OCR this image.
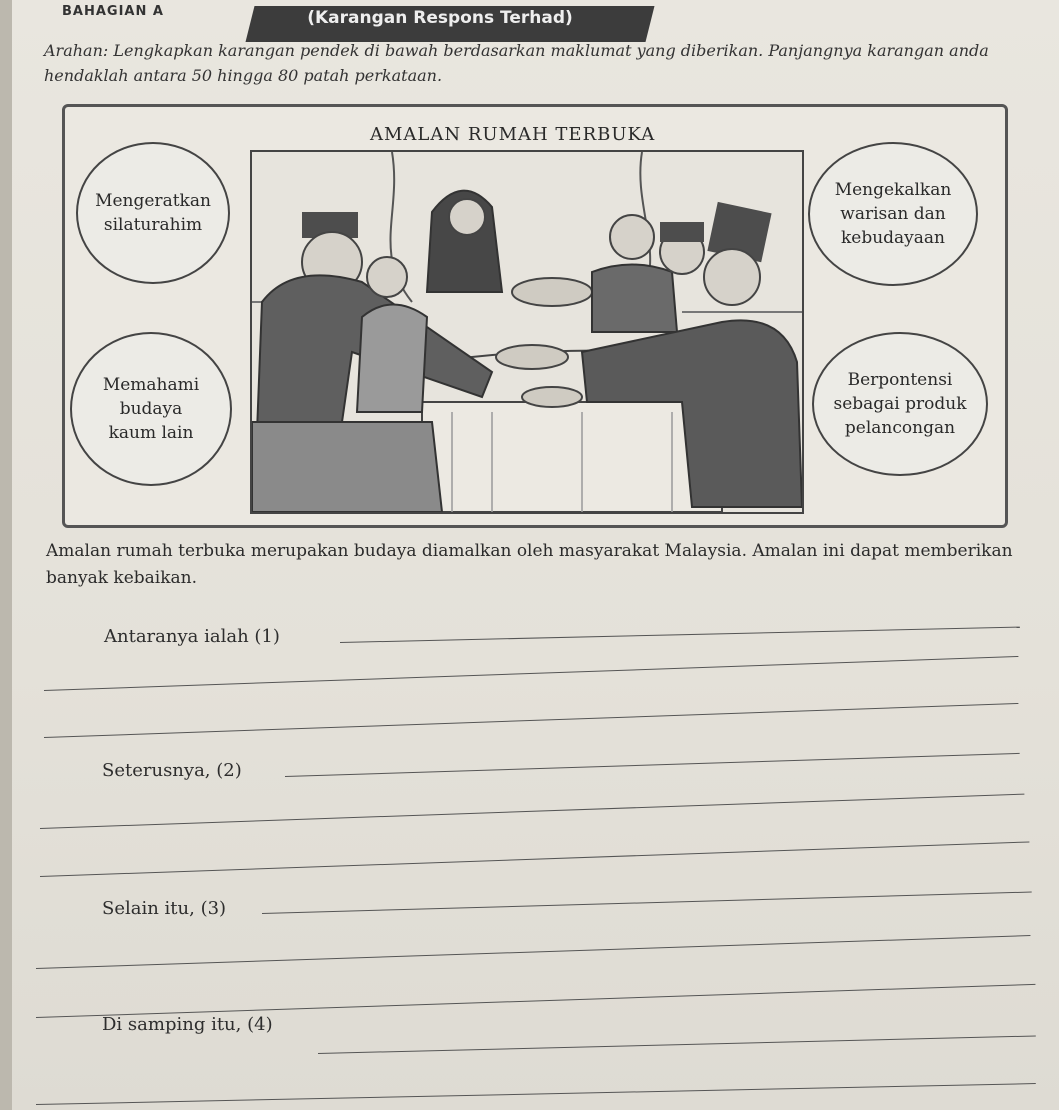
BAHAGIAN A	(Karangan Respons Terhad)
Arahan: Lengkapkan karangan pendek di bawah berdasarkan maklumat yang diberikan. Panjangnya karangan anda hendaklah antara 50 hingga 80 patah perkataan.
AMALAN RUMAH TERBUKA
Mengeratkan
silaturahim
Memahami
budaya
kaum lain
Mengekalkan
warisan dan
kebudayaan
Berpontensi
sebagai produk
pelancongan
Amalan rumah terbuka merupakan budaya diamalkan oleh masyarakat Malaysia. Amalan ini dapat memberikan banyak kebaikan.
Antaranya ialah (1)
Seterusnya, (2)
Selain itu, (3)
Di samping itu, (4)
